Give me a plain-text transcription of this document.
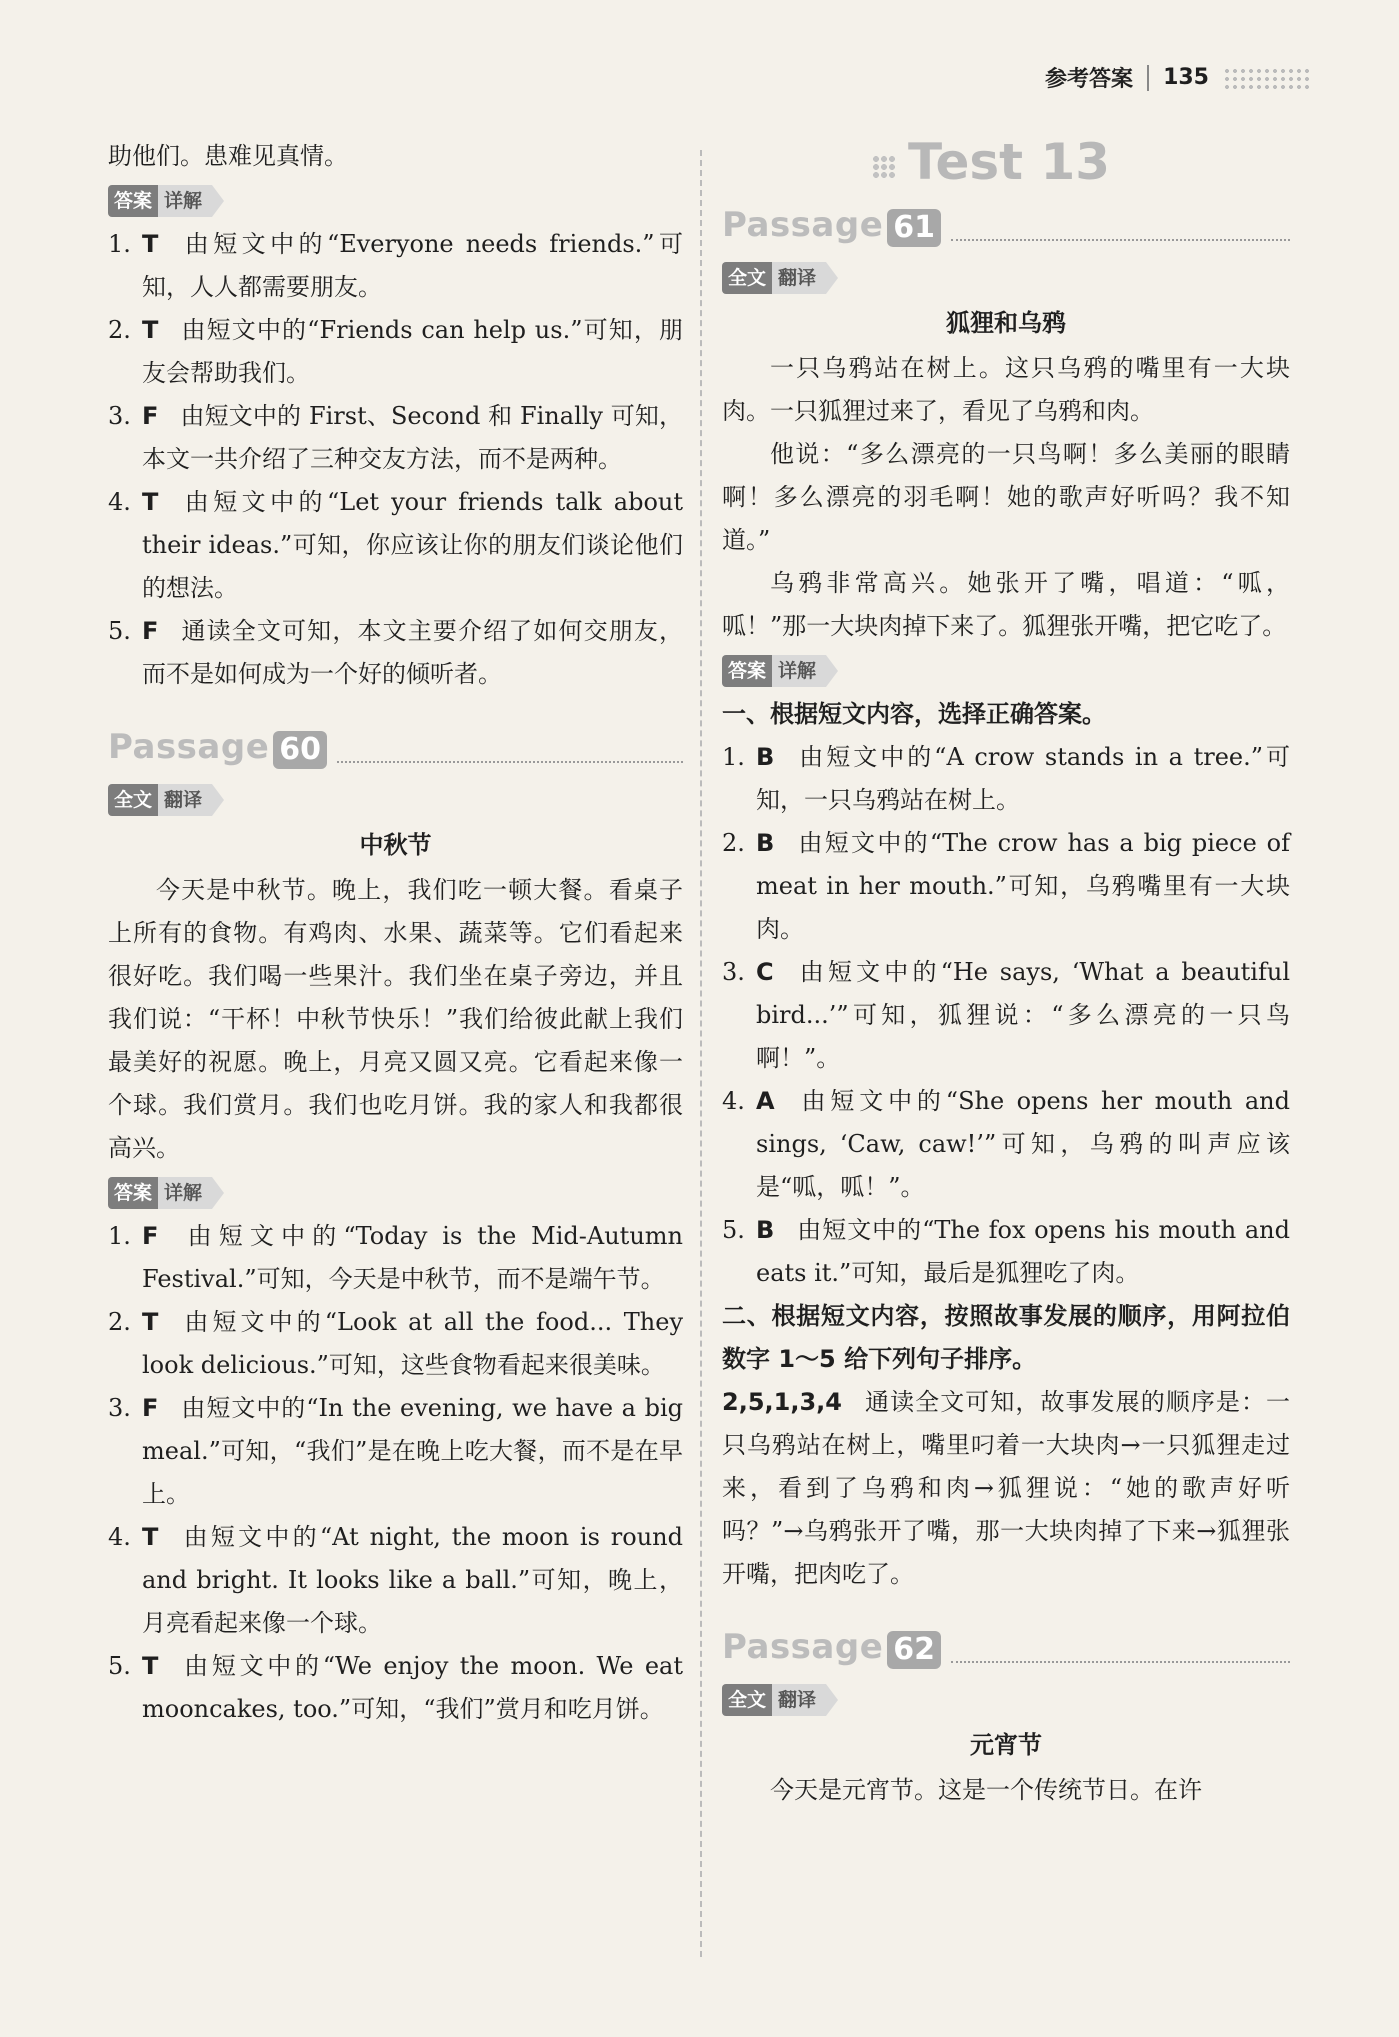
参考答案 135

助他们。患难见真情。

答案 详解
1. T 由短文中的“Everyone needs friends.”可知，人人都需要朋友。
2. T 由短文中的“Friends can help us.”可知，朋友会帮助我们。
3. F 由短文中的 First、Second 和 Finally 可知，本文一共介绍了三种交友方法，而不是两种。
4. T 由短文中的“Let your friends talk about their ideas.”可知，你应该让你的朋友们谈论他们的想法。
5. F 通读全文可知，本文主要介绍了如何交朋友，而不是如何成为一个好的倾听者。
Passage 60
全文 翻译

中秋节

今天是中秋节。晚上，我们吃一顿大餐。看桌子上所有的食物。有鸡肉、水果、蔬菜等。它们看起来很好吃。我们喝一些果汁。我们坐在桌子旁边，并且我们说：“干杯！中秋节快乐！”我们给彼此献上我们最美好的祝愿。晚上，月亮又圆又亮。它看起来像一个球。我们赏月。我们也吃月饼。我的家人和我都很高兴。

答案 详解
1. F 由短文中的“Today is the Mid-Autumn Festival.”可知，今天是中秋节，而不是端午节。
2. T 由短文中的“Look at all the food... They look delicious.”可知，这些食物看起来很美味。
3. F 由短文中的“In the evening, we have a big meal.”可知，“我们”是在晚上吃大餐，而不是在早上。
4. T 由短文中的“At night, the moon is round and bright. It looks like a ball.”可知，晚上，月亮看起来像一个球。
5. T 由短文中的“We enjoy the moon. We eat mooncakes, too.”可知，“我们”赏月和吃月饼。
Test 13
Passage 61
全文 翻译

狐狸和乌鸦

一只乌鸦站在树上。这只乌鸦的嘴里有一大块肉。一只狐狸过来了，看见了乌鸦和肉。

他说：“多么漂亮的一只鸟啊！多么美丽的眼睛啊！多么漂亮的羽毛啊！她的歌声好听吗？我不知道。”

乌鸦非常高兴。她张开了嘴，唱道：“呱，呱！”那一大块肉掉下来了。狐狸张开嘴，把它吃了。

答案 详解

一、根据短文内容，选择正确答案。

1. B 由短文中的“A crow stands in a tree.”可知，一只乌鸦站在树上。
2. B 由短文中的“The crow has a big piece of meat in her mouth.”可知，乌鸦嘴里有一大块肉。
3. C 由短文中的“He says, ‘What a beautiful bird...’”可知，狐狸说：“多么漂亮的一只鸟啊！”。
4. A 由短文中的“She opens her mouth and sings, ‘Caw, caw!’”可知，乌鸦的叫声应该是“呱，呱！”。
5. B 由短文中的“The fox opens his mouth and eats it.”可知，最后是狐狸吃了肉。

二、根据短文内容，按照故事发展的顺序，用阿拉伯数字 1～5 给下列句子排序。

2,5,1,3,4 通读全文可知，故事发展的顺序是：一只乌鸦站在树上，嘴里叼着一大块肉→一只狐狸走过来，看到了乌鸦和肉→狐狸说：“她的歌声好听吗？”→乌鸦张开了嘴，那一大块肉掉了下来→狐狸张开嘴，把肉吃了。

Passage 62
全文 翻译

元宵节

今天是元宵节。这是一个传统节日。在许
